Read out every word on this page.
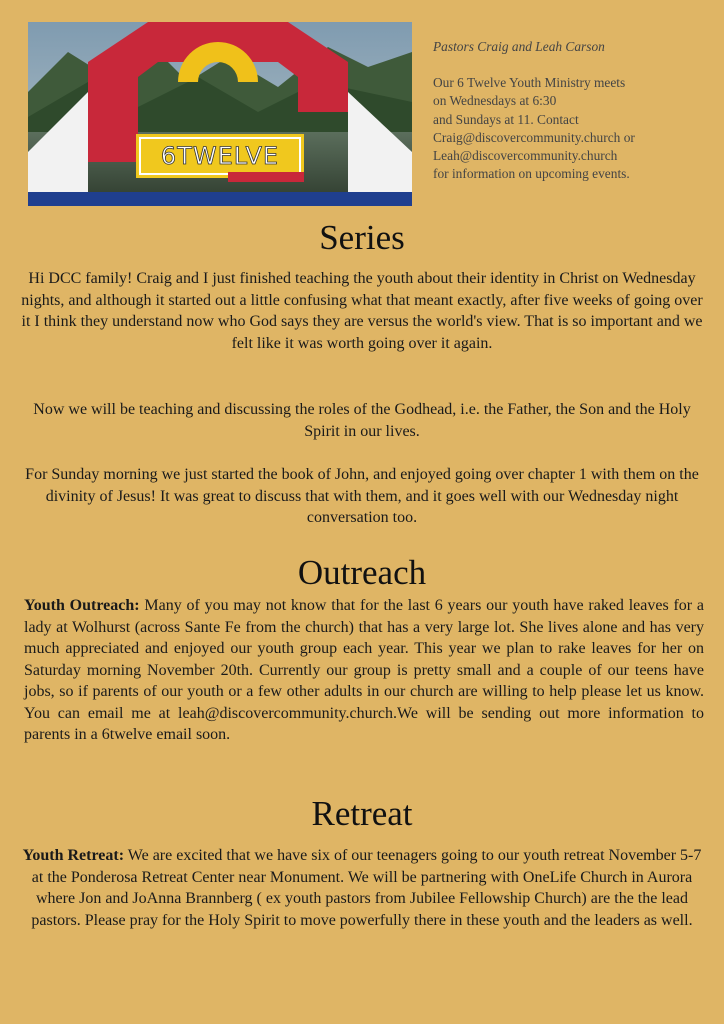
6TWELVE
Pastors Craig and Leah Carson
Our 6 Twelve Youth Ministry meets
on Wednesdays at 6:30
and Sundays at 11. Contact
Craig@discovercommunity.church or
Leah@discovercommunity.church
for information on upcoming events.
Series

Hi DCC family! Craig and I just finished teaching the youth about their identity in Christ on Wednesday nights, and although it started out a little confusing what that meant exactly, after five weeks of going over it I think they understand now who God says they are versus the world's view. That is so important and we felt like it was worth going over it again.

Now we will be teaching and discussing the roles of the Godhead, i.e. the Father, the Son and the Holy Spirit in our lives.

For Sunday morning we just started the book of John, and enjoyed going over chapter 1 with them on the divinity of Jesus! It was great to discuss that with them, and it goes well with our Wednesday night conversation too.

Outreach

Youth Outreach: Many of you may not know that for the last 6 years our youth have raked leaves for a lady at Wolhurst (across Sante Fe from the church) that has a very large lot. She lives alone and has very much appreciated and enjoyed our youth group each year. This year we plan to rake leaves for her on Saturday morning November 20th. Currently our group is pretty small and a couple of our teens have jobs, so if parents of our youth or a few other adults in our church are willing to help please let us know. You can email me at leah@discovercommunity.church.We will be sending out more information to parents in a 6twelve email soon.

Retreat

Youth Retreat: We are excited that we have six of our teenagers going to our youth retreat November 5-7 at the Ponderosa Retreat Center near Monument. We will be partnering with OneLife Church in Aurora where Jon and JoAnna Brannberg ( ex youth pastors from Jubilee Fellowship Church) are the the lead pastors. Please pray for the Holy Spirit to move powerfully there in these youth and the leaders as well.
